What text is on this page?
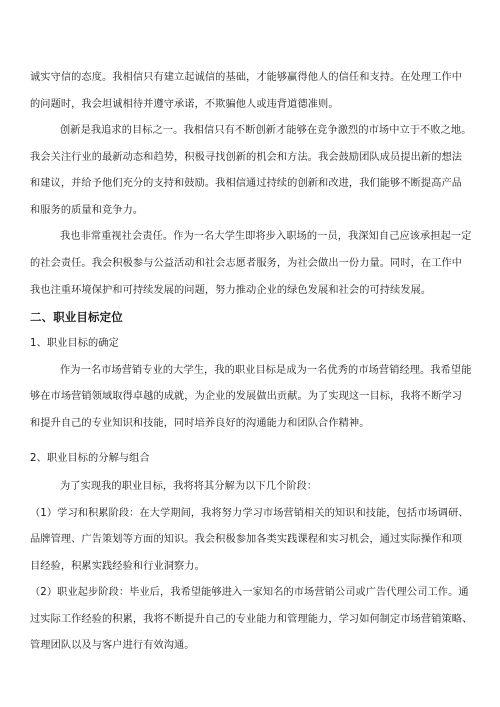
诚实守信的态度。我相信只有建立起诚信的基础，才能够赢得他人的信任和支持。在处理工作中
的问题时，我会坦诚相待并遵守承诺，不欺骗他人或违背道德准则。
创新是我追求的目标之一。我相信只有不断创新才能够在竞争激烈的市场中立于不败之地。
我会关注行业的最新动态和趋势，积极寻找创新的机会和方法。我会鼓励团队成员提出新的想法
和建议，并给予他们充分的支持和鼓励。我相信通过持续的创新和改进，我们能够不断提高产品
和服务的质量和竞争力。
我也非常重视社会责任。作为一名大学生即将步入职场的一员，我深知自己应该承担起一定
的社会责任。我会积极参与公益活动和社会志愿者服务，为社会做出一份力量。同时，在工作中
我也注重环境保护和可持续发展的问题，努力推动企业的绿色发展和社会的可持续发展。
二、职业目标定位
1、职业目标的确定
作为一名市场营销专业的大学生，我的职业目标是成为一名优秀的市场营销经理。我希望能
够在市场营销领域取得卓越的成就，为企业的发展做出贡献。为了实现这一目标，我将不断学习
和提升自己的专业知识和技能，同时培养良好的沟通能力和团队合作精神。
2、职业目标的分解与组合
为了实现我的职业目标，我将将其分解为以下几个阶段：
（1）学习和积累阶段：在大学期间，我将努力学习市场营销相关的知识和技能，包括市场调研、
品牌管理、广告策划等方面的知识。我会积极参加各类实践课程和实习机会，通过实际操作和项
目经验，积累实践经验和行业洞察力。
（2）职业起步阶段：毕业后，我希望能够进入一家知名的市场营销公司或广告代理公司工作。通
过实际工作经验的积累，我将不断提升自己的专业能力和管理能力，学习如何制定市场营销策略、
管理团队以及与客户进行有效沟通。
